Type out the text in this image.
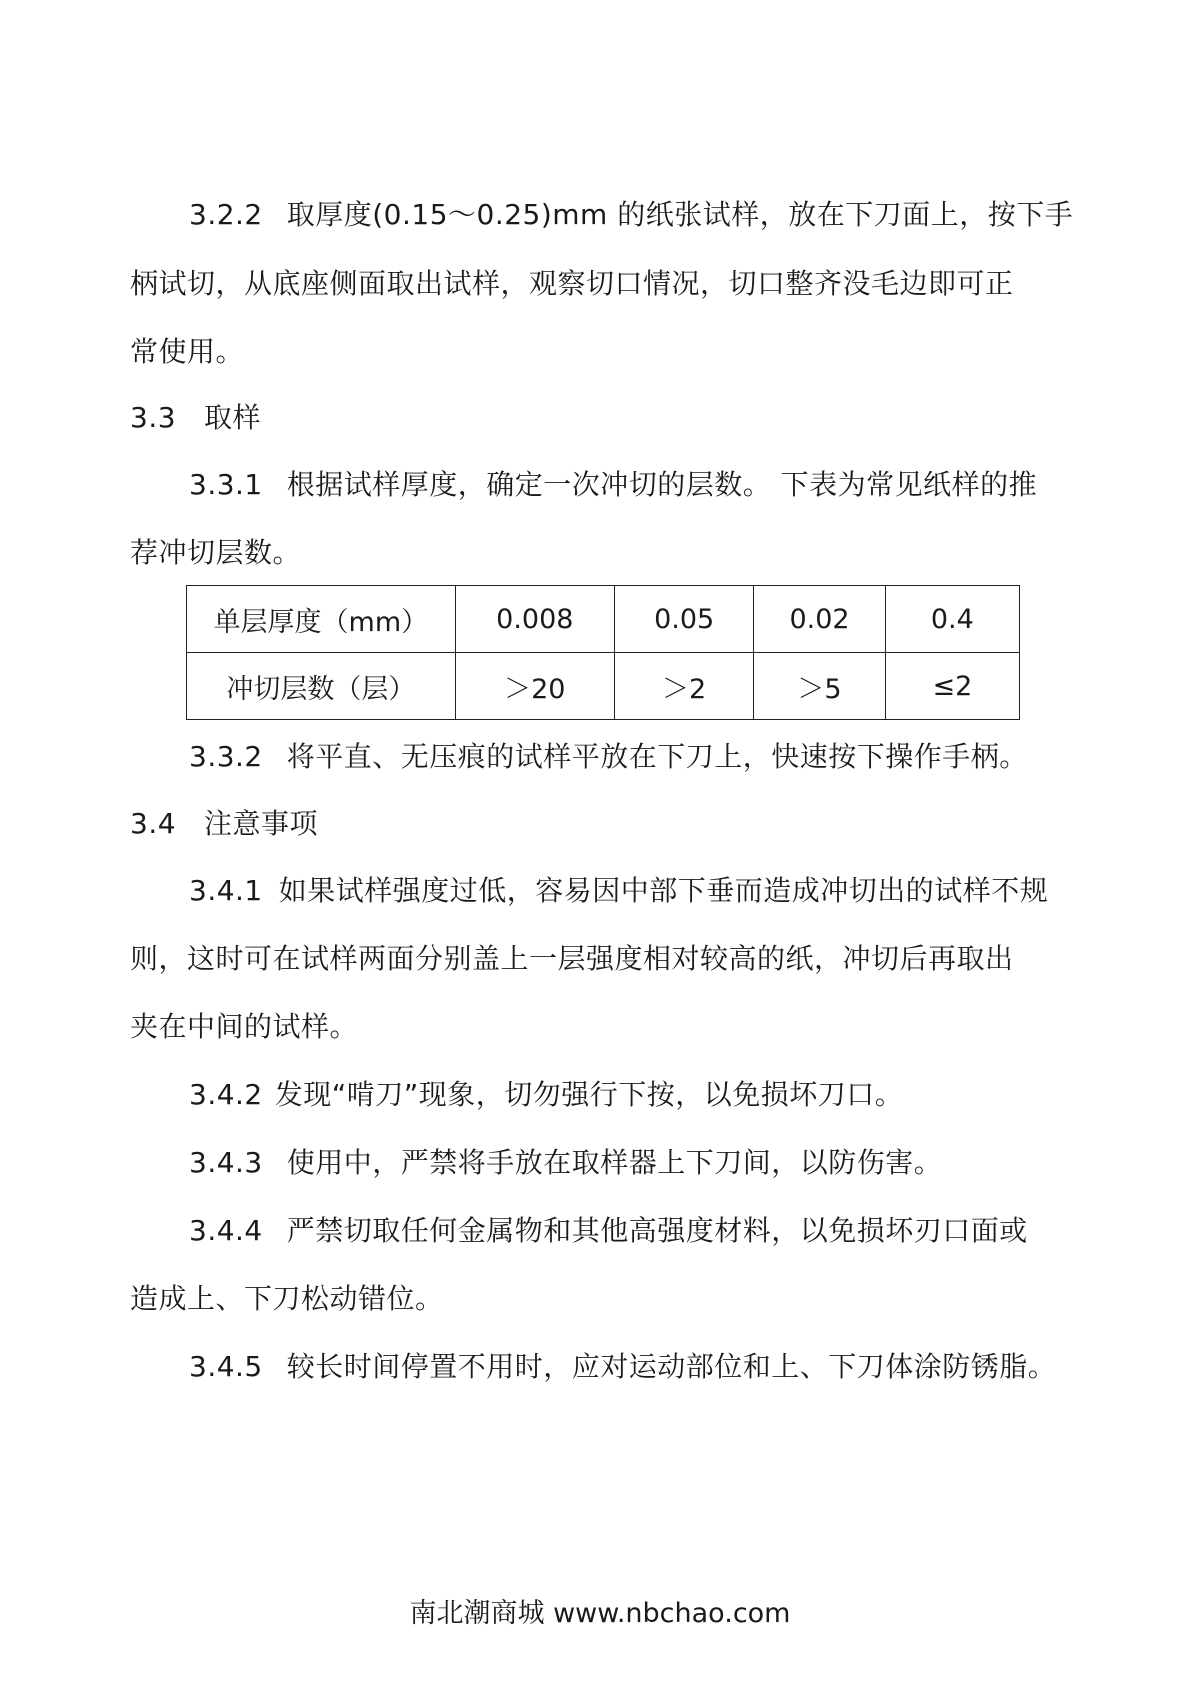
3.2.2 取厚度(0.15～0.25)mm 的纸张试样，放在下刀面上，按下手
柄试切，从底座侧面取出试样，观察切口情况，切口整齐没毛边即可正
常使用。
3.3 取样
3.3.1 根据试样厚度，确定一次冲切的层数。 下表为常见纸样的推
荐冲切层数。
单层厚度（mm）	0.008	0.05	0.02	0.4
冲切层数（层）	＞20	＞2	＞5	≤2
3.3.2 将平直、无压痕的试样平放在下刀上，快速按下操作手柄。
3.4 注意事项
3.4.1 如果试样强度过低，容易因中部下垂而造成冲切出的试样不规
则，这时可在试样两面分别盖上一层强度相对较高的纸，冲切后再取出
夹在中间的试样。
3.4.2 发现“啃刀”现象，切勿强行下按，以免损坏刀口。
3.4.3 使用中，严禁将手放在取样器上下刀间，以防伤害。
3.4.4 严禁切取任何金属物和其他高强度材料，以免损坏刃口面或
造成上、下刀松动错位。
3.4.5 较长时间停置不用时，应对运动部位和上、下刀体涂防锈脂。
南北潮商城 www.nbchao.com
